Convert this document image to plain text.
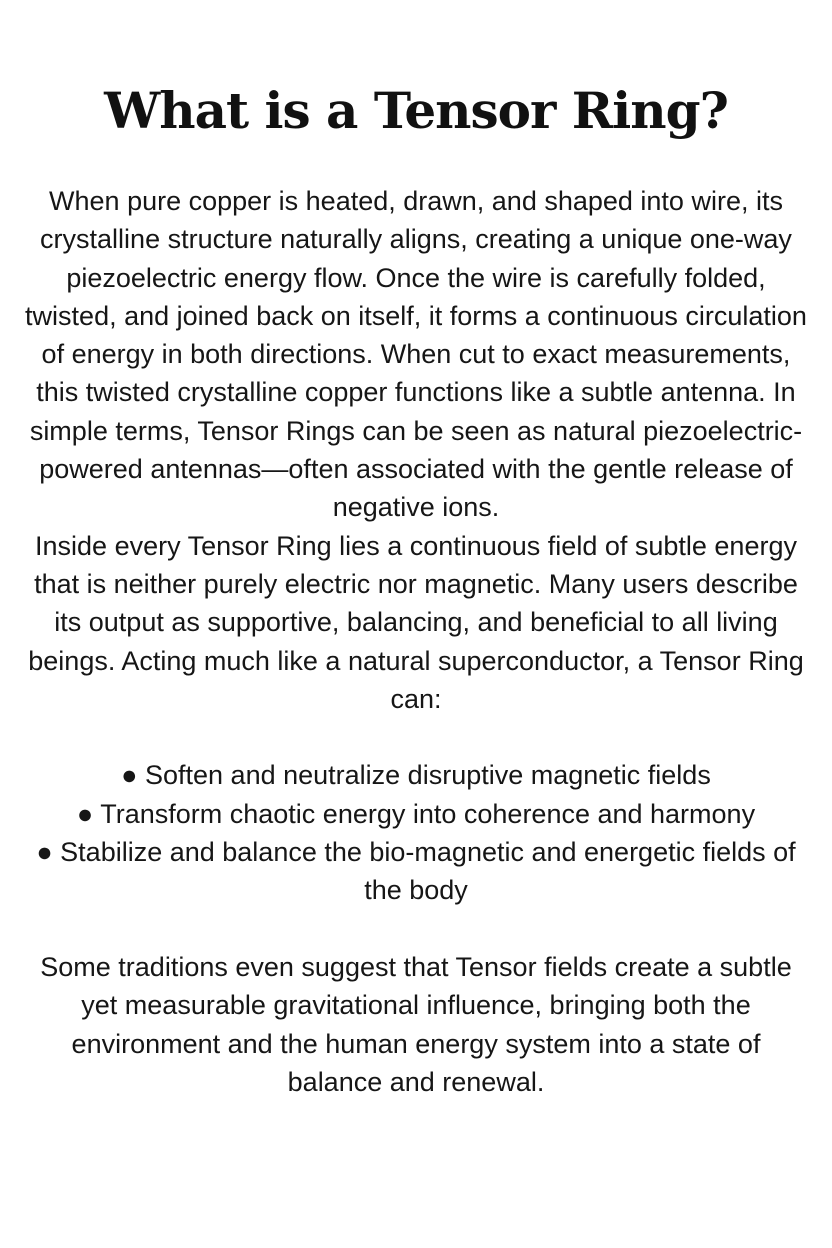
What is a Tensor Ring?

When pure copper is heated, drawn, and shaped into wire, its crystalline structure naturally aligns, creating a unique one-way piezoelectric energy flow. Once the wire is carefully folded, twisted, and joined back on itself, it forms a continuous circulation of energy in both directions. When cut to exact measurements, this twisted crystalline copper functions like a subtle antenna. In simple terms, Tensor Rings can be seen as natural piezoelectric-powered antennas—often associated with the gentle release of negative ions.

Inside every Tensor Ring lies a continuous field of subtle energy that is neither purely electric nor magnetic. Many users describe its output as supportive, balancing, and beneficial to all living beings. Acting much like a natural superconductor, a Tensor Ring can:

● Soften and neutralize disruptive magnetic fields
● Transform chaotic energy into coherence and harmony
● Stabilize and balance the bio-magnetic and energetic fields of the body

Some traditions even suggest that Tensor fields create a subtle yet measurable gravitational influence, bringing both the environment and the human energy system into a state of balance and renewal.
